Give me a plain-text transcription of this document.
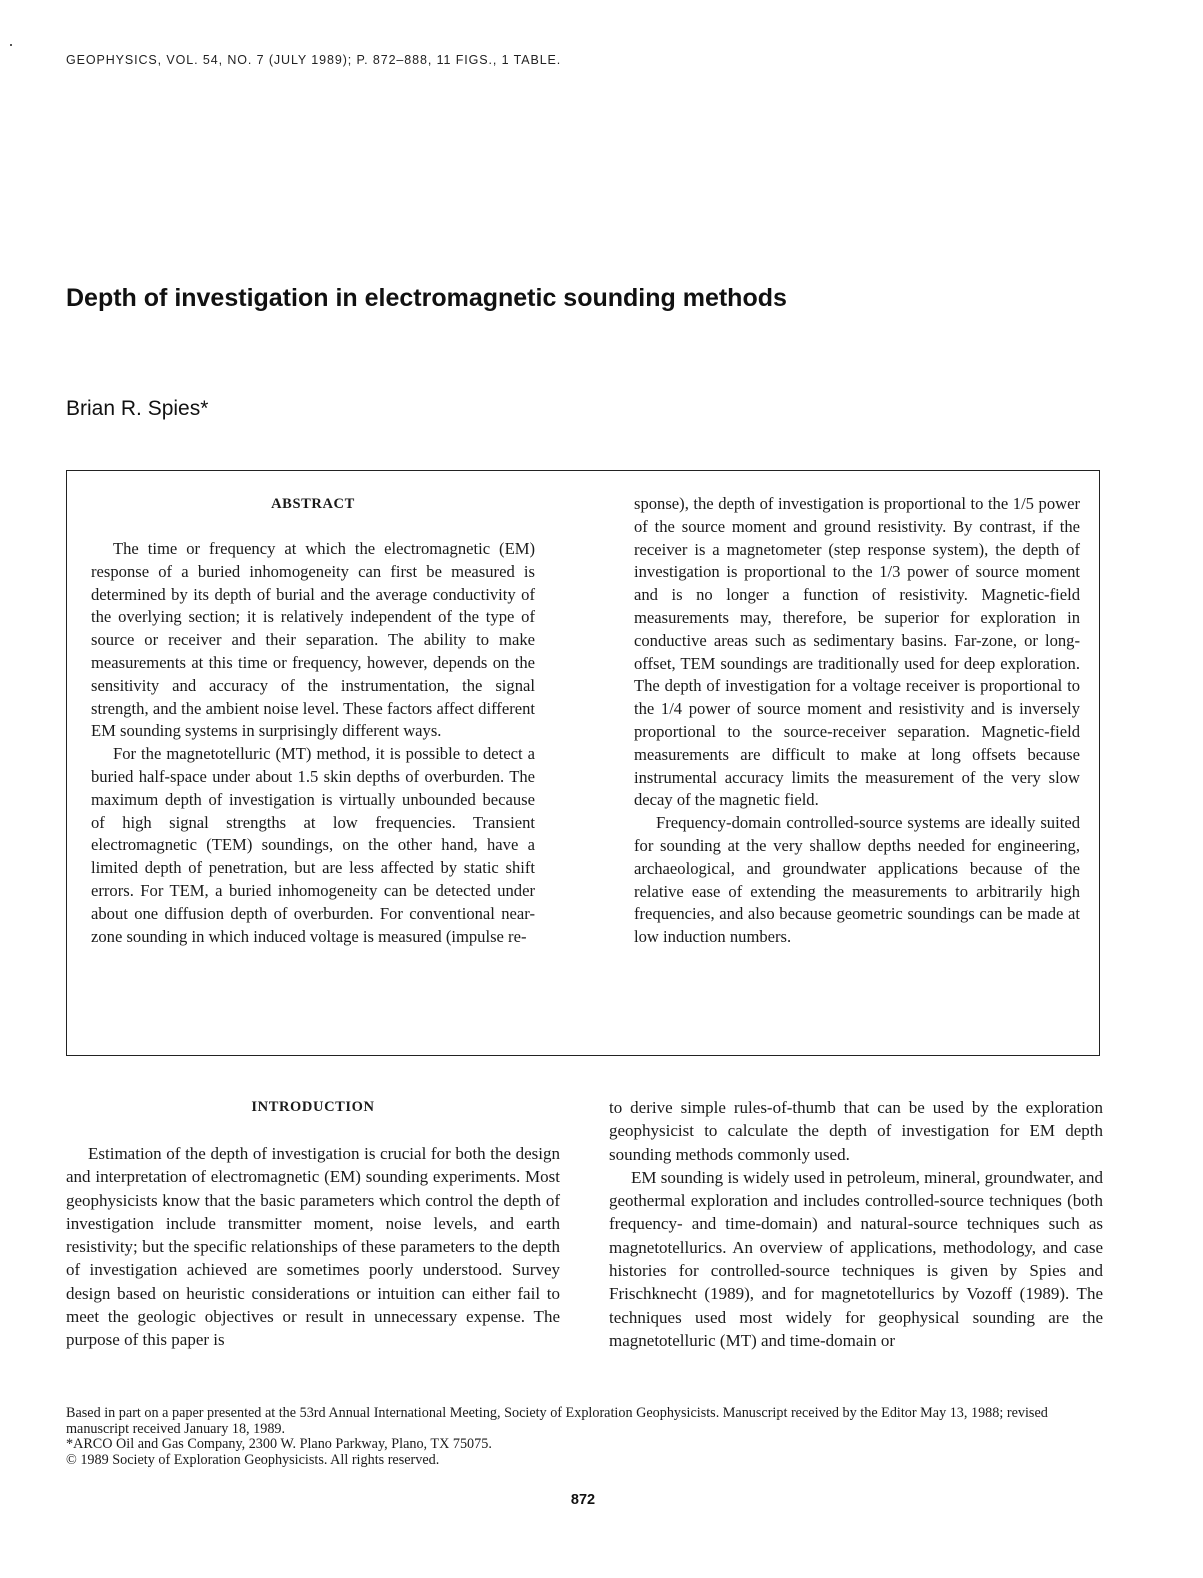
GEOPHYSICS, VOL. 54, NO. 7 (JULY 1989); P. 872–888, 11 FIGS., 1 TABLE.
Depth of investigation in electromagnetic sounding methods
Brian R. Spies*
ABSTRACT

The time or frequency at which the electromagnetic (EM) response of a buried inhomogeneity can first be measured is determined by its depth of burial and the average conductivity of the overlying section; it is relatively independent of the type of source or receiver and their separation. The ability to make measurements at this time or frequency, however, depends on the sensitivity and accuracy of the instrumentation, the signal strength, and the ambient noise level. These factors affect different EM sounding systems in surprisingly different ways.

For the magnetotelluric (MT) method, it is possible to detect a buried half-space under about 1.5 skin depths of overburden. The maximum depth of investigation is virtually unbounded because of high signal strengths at low frequencies. Transient electromagnetic (TEM) soundings, on the other hand, have a limited depth of penetration, but are less affected by static shift errors. For TEM, a buried inhomogeneity can be detected under about one diffusion depth of overburden. For conventional near-zone sounding in which induced voltage is measured (impulse re-

sponse), the depth of investigation is proportional to the 1/5 power of the source moment and ground resistivity. By contrast, if the receiver is a magnetometer (step response system), the depth of investigation is proportional to the 1/3 power of source moment and is no longer a function of resistivity. Magnetic-field measurements may, therefore, be superior for exploration in conductive areas such as sedimentary basins. Far-zone, or long-offset, TEM soundings are traditionally used for deep exploration. The depth of investigation for a voltage receiver is proportional to the 1/4 power of source moment and resistivity and is inversely proportional to the source-receiver separation. Magnetic-field measurements are difficult to make at long offsets because instrumental accuracy limits the measurement of the very slow decay of the magnetic field.

Frequency-domain controlled-source systems are ideally suited for sounding at the very shallow depths needed for engineering, archaeological, and groundwater applications because of the relative ease of extending the measurements to arbitrarily high frequencies, and also because geometric soundings can be made at low induction numbers.

INTRODUCTION

Estimation of the depth of investigation is crucial for both the design and interpretation of electromagnetic (EM) sounding experiments. Most geophysicists know that the basic parameters which control the depth of investigation include transmitter moment, noise levels, and earth resistivity; but the specific relationships of these parameters to the depth of investigation achieved are sometimes poorly understood. Survey design based on heuristic considerations or intuition can either fail to meet the geologic objectives or result in unnecessary expense. The purpose of this paper is

to derive simple rules-of-thumb that can be used by the exploration geophysicist to calculate the depth of investigation for EM depth sounding methods commonly used.

EM sounding is widely used in petroleum, mineral, groundwater, and geothermal exploration and includes controlled-source techniques (both frequency- and time-domain) and natural-source techniques such as magnetotellurics. An overview of applications, methodology, and case histories for controlled-source techniques is given by Spies and Frischknecht (1989), and for magnetotellurics by Vozoff (1989). The techniques used most widely for geophysical sounding are the magnetotelluric (MT) and time-domain or

Based in part on a paper presented at the 53rd Annual International Meeting, Society of Exploration Geophysicists. Manuscript received by the Editor May 13, 1988; revised manuscript received January 18, 1989.
*ARCO Oil and Gas Company, 2300 W. Plano Parkway, Plano, TX 75075.
© 1989 Society of Exploration Geophysicists. All rights reserved.
872
